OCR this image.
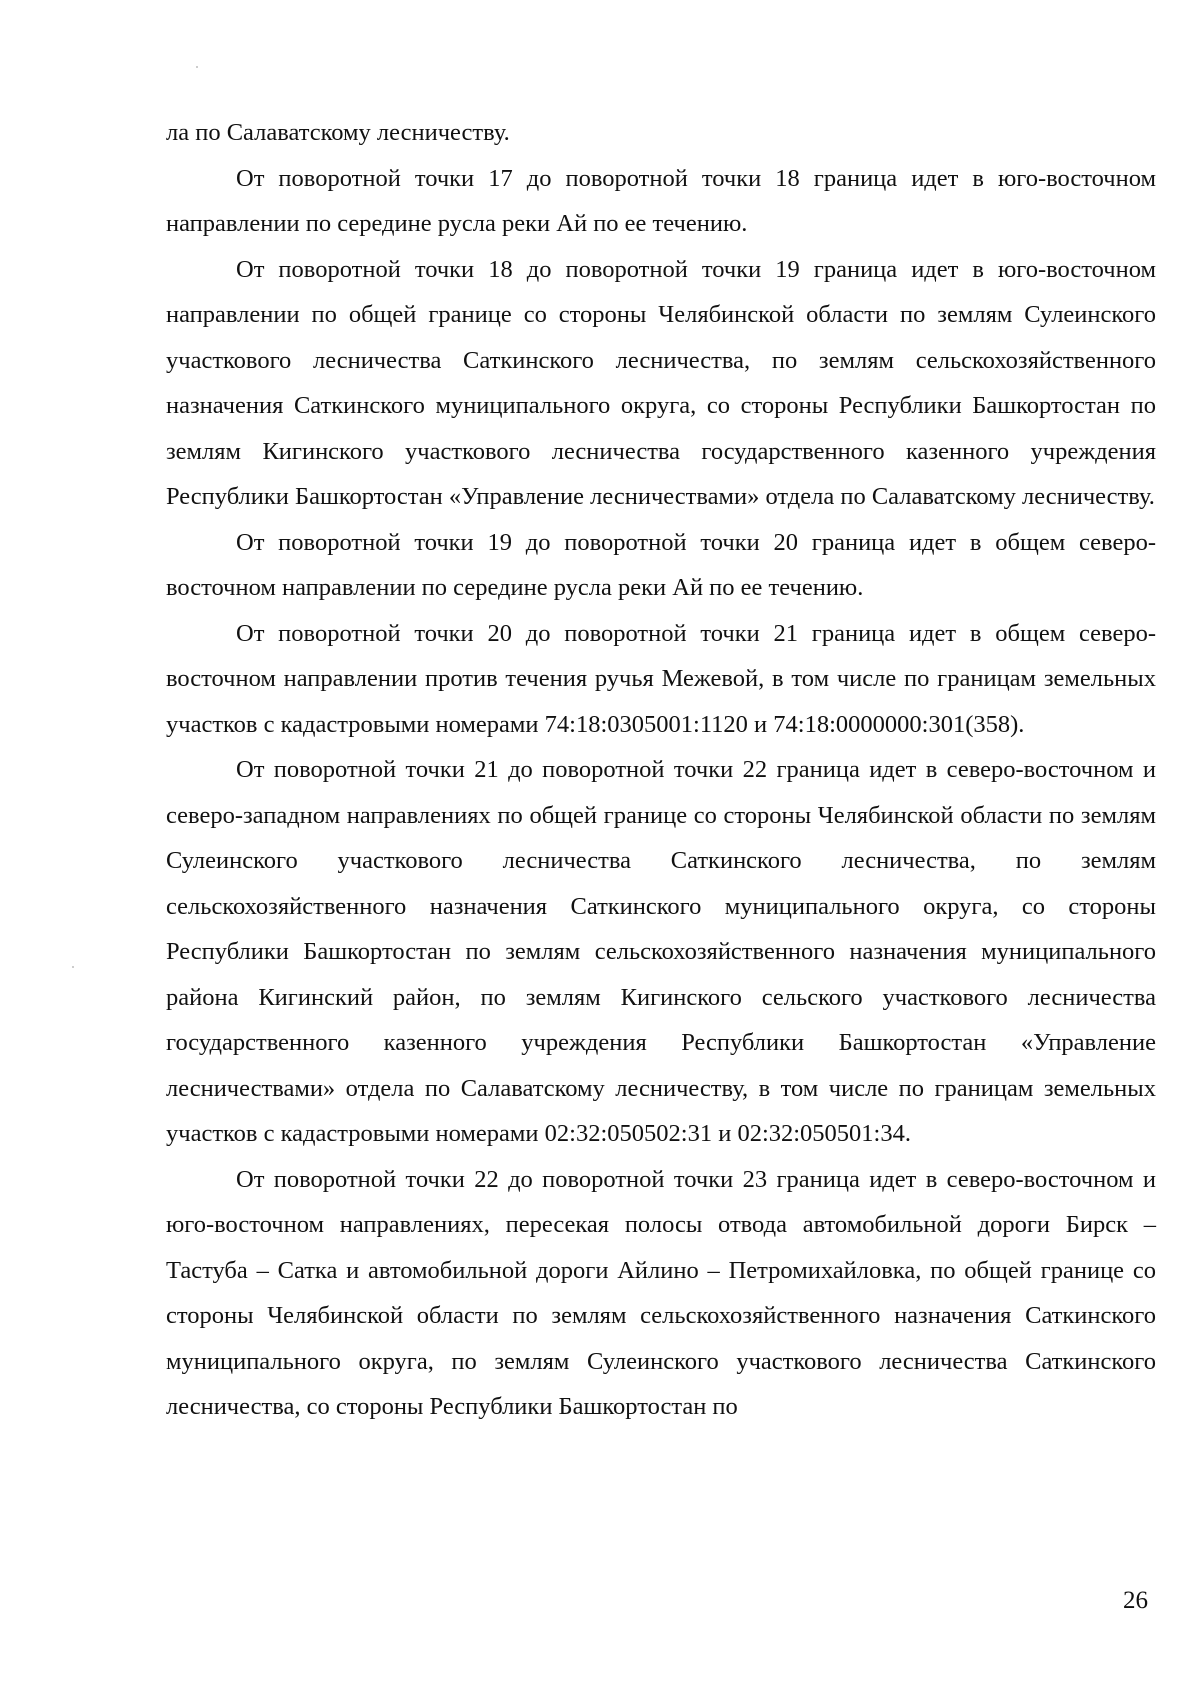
ла по Салаватскому лесничеству.

От поворотной точки 17 до поворотной точки 18 граница идет в юго-восточном направлении по середине русла реки Ай по ее течению.

От поворотной точки 18 до поворотной точки 19 граница идет в юго-восточном направлении по общей границе со стороны Челябинской области по землям Сулеинского участкового лесничества Саткинского лесничества, по землям сельскохозяйственного назначения Саткинского муниципального округа, со стороны Республики Башкортостан по землям Кигинского участкового лесничества государственного казенного учреждения Республики Башкортостан «Управление лесничествами» отдела по Салаватскому лесничеству.

От поворотной точки 19 до поворотной точки 20 граница идет в общем северо-восточном направлении по середине русла реки Ай по ее течению.

От поворотной точки 20 до поворотной точки 21 граница идет в общем северо-восточном направлении против течения ручья Межевой, в том числе по границам земельных участков с кадастровыми номерами 74:18:0305001:1120 и 74:18:0000000:301(358).

От поворотной точки 21 до поворотной точки 22 граница идет в северо-восточном и северо-западном направлениях по общей границе со стороны Челябинской области по землям Сулеинского участкового лесничества Саткинского лесничества, по землям сельскохозяйственного назначения Саткинского муниципального округа, со стороны Республики Башкортостан по землям сельскохозяйственного назначения муниципального района Кигинский район, по землям Кигинского сельского участкового лесничества государственного казенного учреждения Республики Башкортостан «Управление лесничествами» отдела по Салаватскому лесничеству, в том числе по границам земельных участков с кадастровыми номерами 02:32:050502:31 и 02:32:050501:34.

От поворотной точки 22 до поворотной точки 23 граница идет в северо-восточном и юго-восточном направлениях, пересекая полосы отвода автомобильной дороги Бирск – Тастуба – Сатка и автомобильной дороги Айлино – Петромихайловка, по общей границе со стороны Челябинской области по землям сельскохозяйственного назначения Саткинского муниципального округа, по землям Сулеинского участкового лесничества Саткинского лесничества, со стороны Республики Башкортостан по

26
